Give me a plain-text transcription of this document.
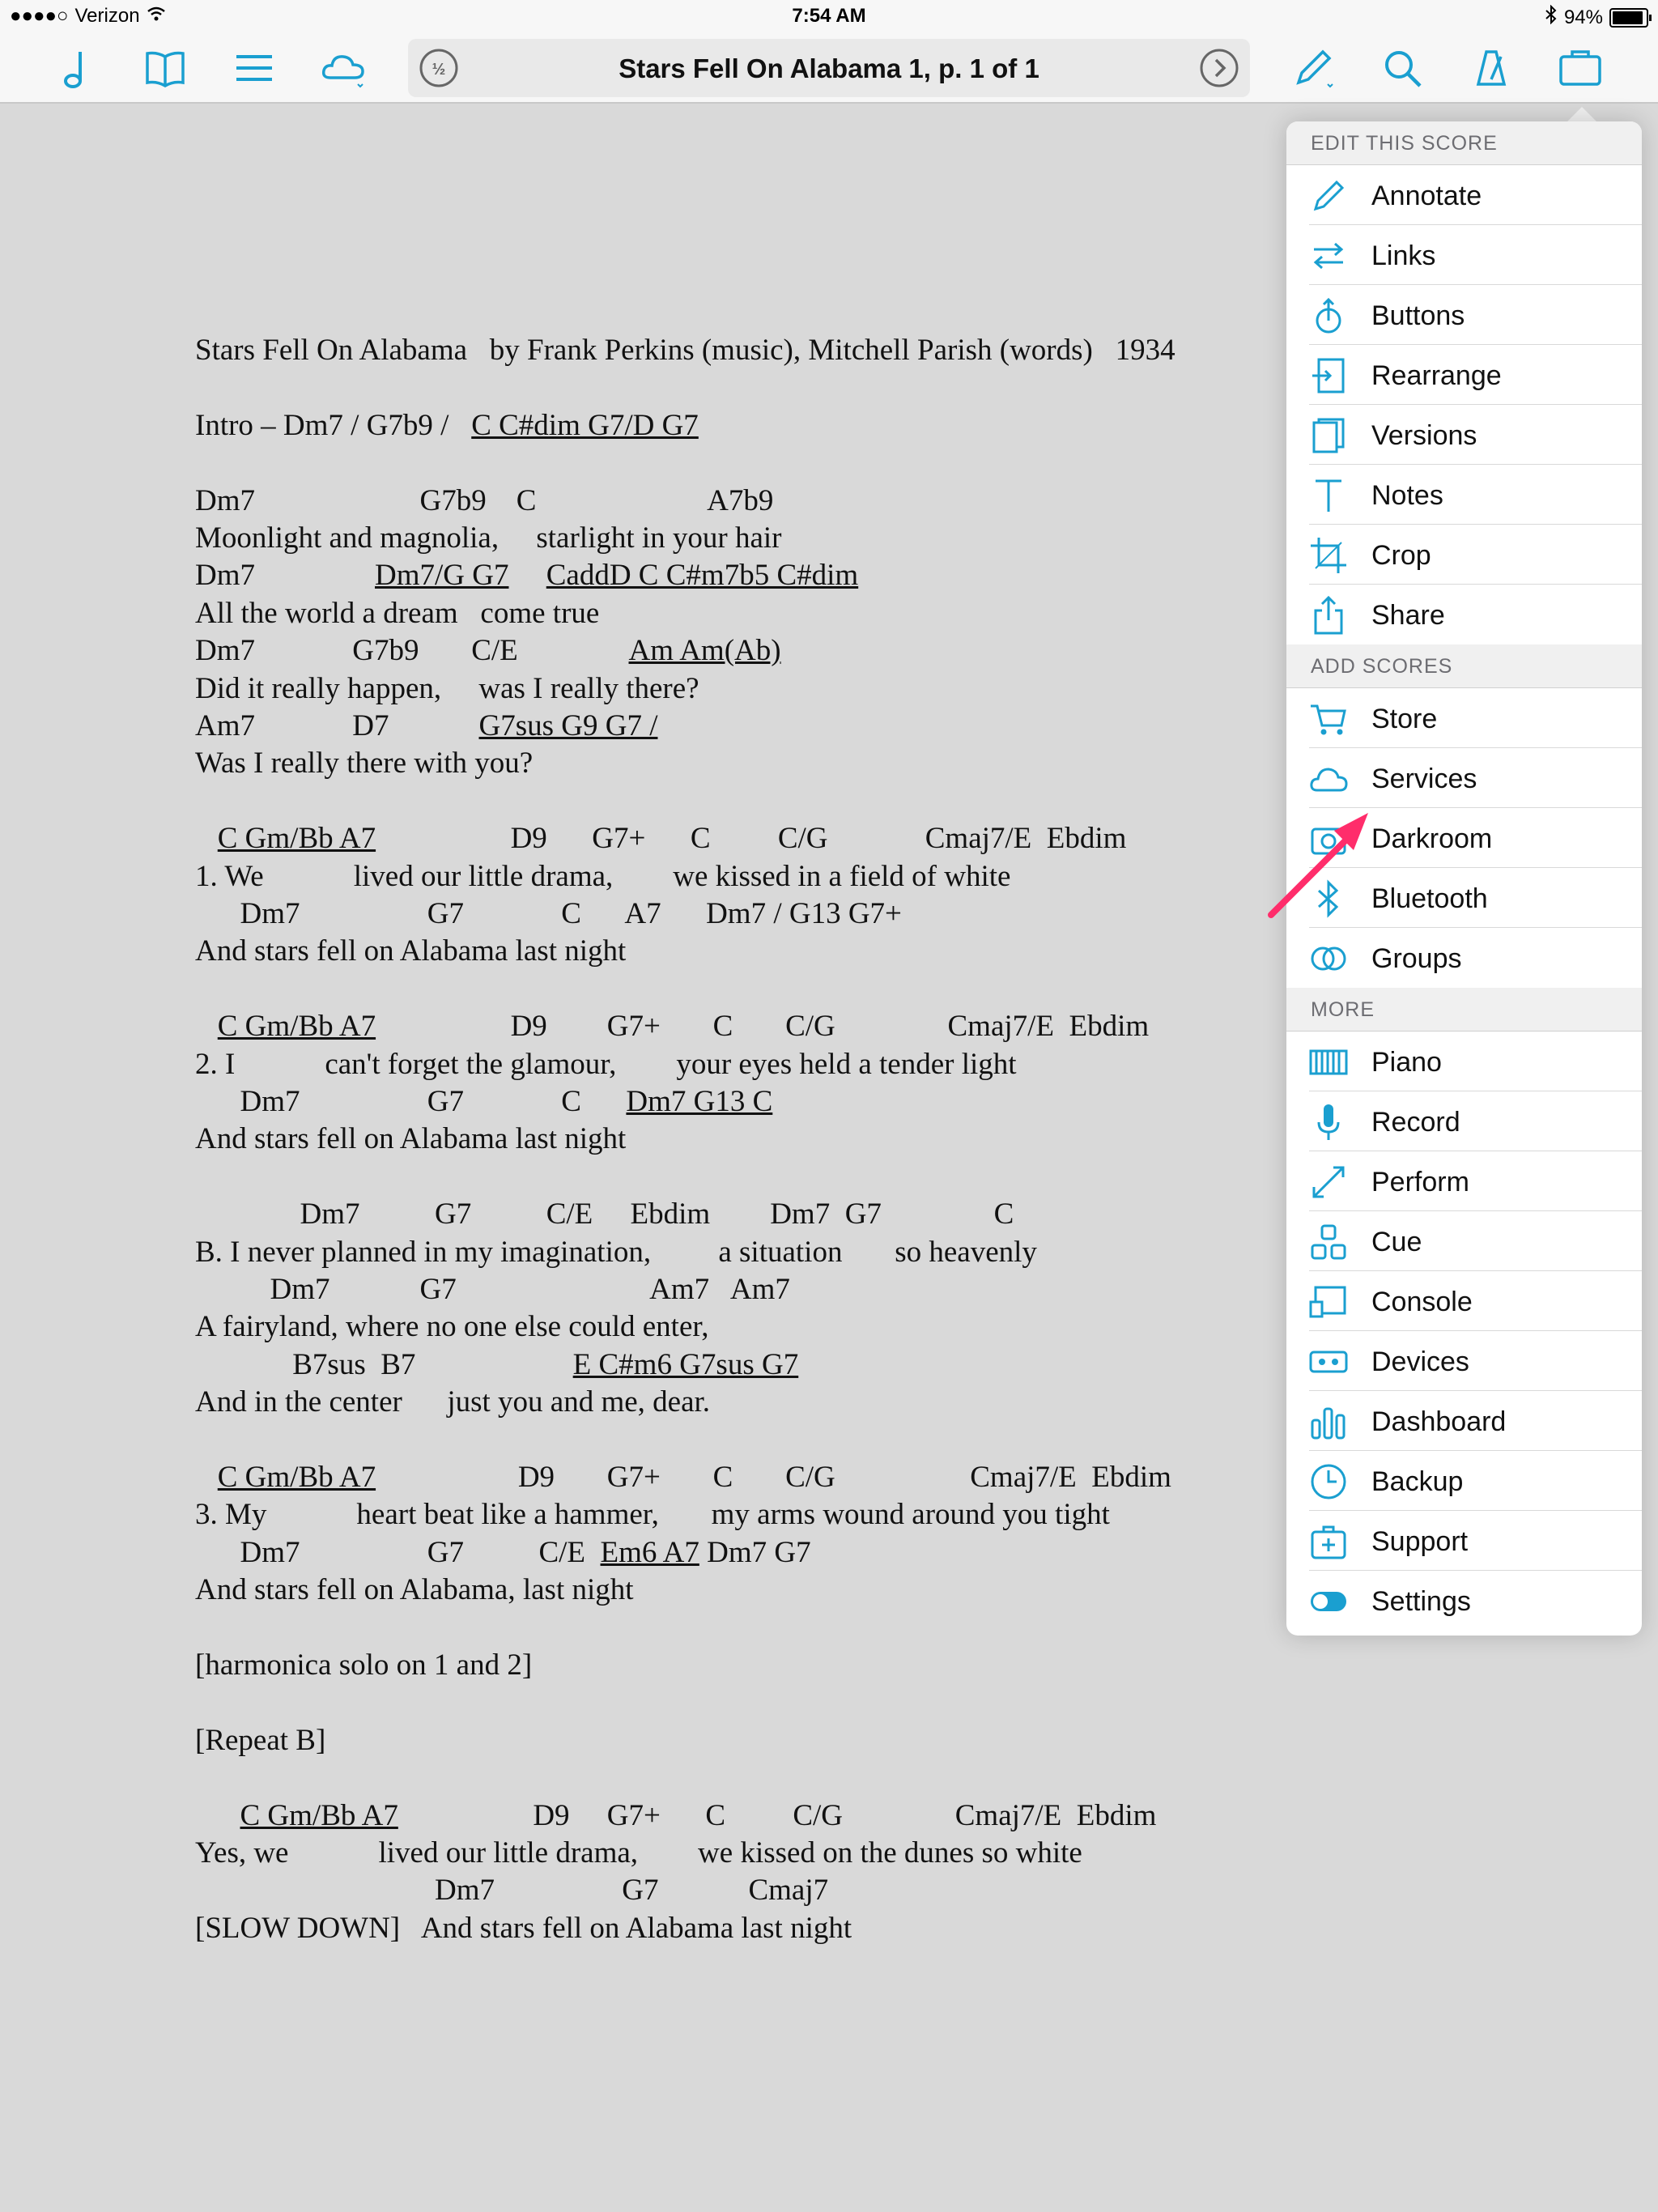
●●●●○ Verizon	7:54 AM	94%
½	Stars Fell On Alabama 1, p. 1 of 1
Stars Fell On Alabama   by Frank Perkins (music), Mitchell Parish (words)   1934
Intro – Dm7 / G7b9 /   C C#dim G7/D G7
Dm7                      G7b9    C                       A7b9
Moonlight and magnolia,     starlight in your hair
Dm7                Dm7/G G7 CaddD C C#m7b5 C#dim
All the world a dream   come true
Dm7             G7b9       C/E               Am Am(Ab)
Did it really happen,     was I really there?
Am7             D7            G7sus G9 G7 /
Was I really there with you?
C Gm/Bb A7                  D9      G7+      C         C/G             Cmaj7/E  Ebdim
1. We            lived our little drama,        we kissed in a field of white
Dm7                 G7             C      A7      Dm7 / G13 G7+
And stars fell on Alabama last night
C Gm/Bb A7                  D9        G7+       C       C/G               Cmaj7/E  Ebdim
2. I            can't forget the glamour,        your eyes held a tender light
Dm7                 G7             C      Dm7 G13 C
And stars fell on Alabama last night
Dm7          G7          C/E     Ebdim        Dm7  G7               C
B. I never planned in my imagination,         a situation       so heavenly
Dm7            G7                          Am7   Am7
A fairyland, where no one else could enter,
B7sus  B7                     E C#m6 G7sus G7
And in the center      just you and me, dear.
C Gm/Bb A7                   D9       G7+       C       C/G                  Cmaj7/E  Ebdim
3. My            heart beat like a hammer,       my arms wound around you tight
Dm7                 G7          C/E  Em6 A7 Dm7 G7
And stars fell on Alabama, last night
[harmonica solo on 1 and 2]
[Repeat B]
C Gm/Bb A7                  D9     G7+      C         C/G               Cmaj7/E  Ebdim
Yes, we            lived our little drama,        we kissed on the dunes so white
Dm7                 G7            Cmaj7
[SLOW DOWN]   And stars fell on Alabama last night
EDIT THIS SCORE
Annotate
Links
Buttons
Rearrange
Versions
Notes
Crop
Share
ADD SCORES
Store
Services
Darkroom
Bluetooth
Groups
MORE
Piano
Record
Perform
Cue
Console
Devices
Dashboard
Backup
Support
Settings
